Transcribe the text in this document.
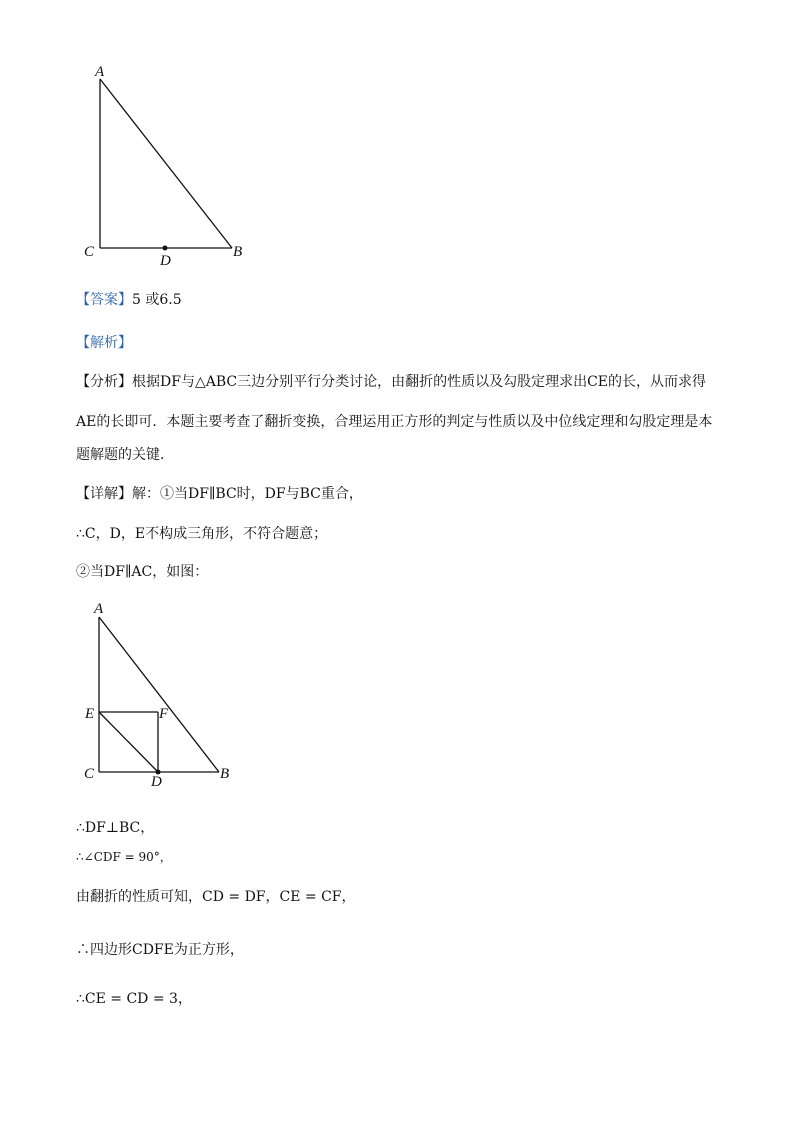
A
C	B
D
【答案】5 或6.5
【解析】
【分析】根据DF与△ABC三边分别平行分类讨论，由翻折的性质以及勾股定理求出CE的长，从而求得
AE的长即可．本题主要考查了翻折变换，合理运用正方形的判定与性质以及中位线定理和勾股定理是本
题解题的关键．
【详解】解：①当DF∥BC时，DF与BC重合，
∴C，D，E不构成三角形，不符合题意；
②当DF∥AC，如图：
A
E	F
C	B
D
∴DF⊥BC，
∴∠CDF = 90°，
由翻折的性质可知，CD = DF，CE = CF，
∴四边形CDFE为正方形，
∴CE = CD = 3，
